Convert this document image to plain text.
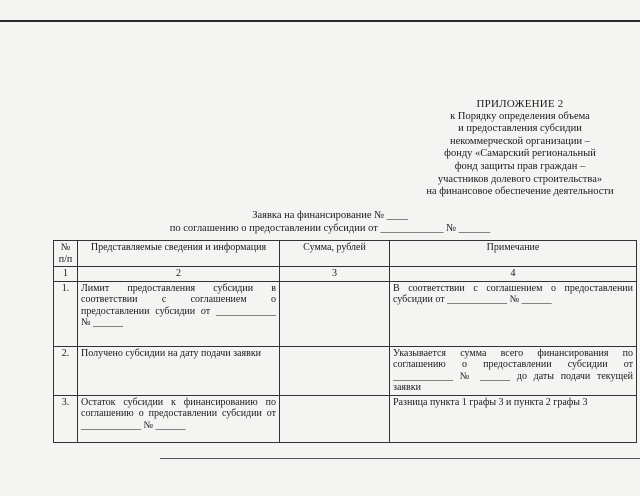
ПРИЛОЖЕНИЕ 2
к Порядку определения объема
и предоставления субсидии
некоммерческой организации –
фонду «Самарский региональный
фонд защиты прав граждан –
участников долевого строительства»
на финансовое обеспечение деятельности
Заявка на финансирование № ____
по соглашению о предоставлении субсидии от ____________ № ______
№ п/п	Представляемые сведения и информация	Сумма, рублей	Примечание
1	2	3	4
1.	Лимит предоставления субсидии в соответствии с соглашением о предоставлении субсидии от ____________ № ______		В соответствии с соглашением о предоставлении субсидии от ____________ № ______
2.	Получено субсидии на дату подачи заявки		Указывается сумма всего финансирования по соглашению о предоставлении субсидии от ____________ № ______ до даты подачи текущей заявки
3.	Остаток субсидии к финансированию по соглашению о предоставлении субсидии от ____________ № ______		Разница пункта 1 графы 3 и пункта 2 графы 3
